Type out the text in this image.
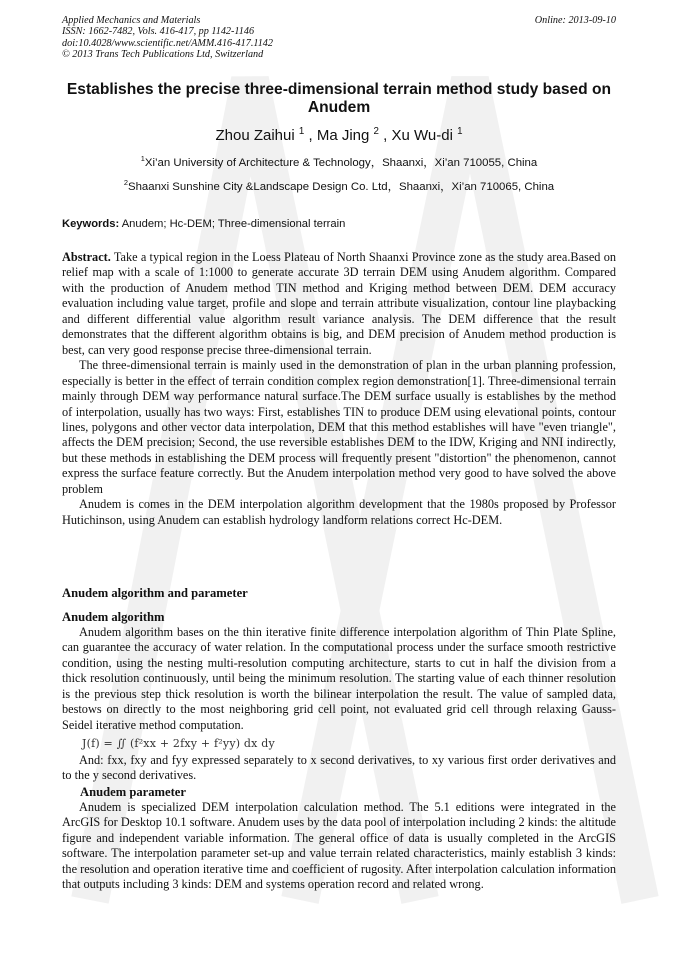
Applied Mechanics and Materials
ISSN: 1662-7482, Vols. 416-417, pp 1142-1146
doi:10.4028/www.scientific.net/AMM.416-417.1142
© 2013 Trans Tech Publications Ltd, Switzerland
Online: 2013-09-10
Establishes the precise three-dimensional terrain method study based on Anudem
Zhou Zaihui $^1$ , Ma Jing $^2$ , Xu Wu-di $^1$
$^1$Xi’an University of Architecture & Technology，Shaanxi，Xi’an 710055, China
$^2$Shaanxi Sunshine City &Landscape Design Co. Ltd，Shaanxi，Xi’an 710065, China
Keywords: Anudem; Hc-DEM; Three-dimensional terrain

Abstract. Take a typical region in the Loess Plateau of North Shaanxi Province zone as the study area.Based on relief map with a scale of 1:1000 to generate accurate 3D terrain DEM using Anudem algorithm. Compared with the production of Anudem method TIN method and Kriging method between DEM. DEM accuracy evaluation including value target, profile and slope and terrain attribute visualization, contour line playbacking and different differential value algorithm result variance analysis. The DEM difference that the result demonstrates that the different algorithm obtains is big, and DEM precision of Anudem method production is best, can very good response precise three-dimensional terrain.

The three-dimensional terrain is mainly used in the demonstration of plan in the urban planning profession, especially is better in the effect of terrain condition complex region demonstration[1]. Three-dimensional terrain mainly through DEM way performance natural surface.The DEM surface usually is establishes by the method of interpolation, usually has two ways: First, establishes TIN to produce DEM using elevational points, contour lines, polygons and other vector data interpolation, DEM that this method establishes will have "even triangle", affects the DEM precision; Second, the use reversible establishes DEM to the IDW, Kriging and NNI indirectly, but these methods in establishing the DEM process will frequently present "distortion" the phenomenon, cannot express the surface feature correctly. But the Anudem interpolation method very good to have solved the above problem

Anudem is comes in the DEM interpolation algorithm development that the 1980s proposed by Professor Hutichinson, using Anudem can establish hydrology landform relations correct Hc-DEM.

Anudem algorithm and parameter
Anudem algorithm

Anudem algorithm bases on the thin iterative finite difference interpolation algorithm of Thin Plate Spline, can guarantee the accuracy of water relation. In the computational process under the surface smooth restrictive condition, using the nesting multi-resolution computing architecture, starts to cut in half the division from a thick resolution continuously, until being the minimum resolution. The starting value of each thinner resolution is the previous step thick resolution is worth the bilinear interpolation the result. The value of sampled data, bestows on directly to the most neighboring grid cell point, not evaluated grid cell through relaxing Gauss-Seidel iterative method computation.

J(f) = ∬ (f²xx + 2fxy + f²yy) dx dy

And: fxx, fxy and fyy expressed separately to x second derivatives, to xy various first order derivatives and to the y second derivatives.

Anudem parameter

Anudem is specialized DEM interpolation calculation method. The 5.1 editions were integrated in the ArcGIS for Desktop 10.1 software. Anudem uses by the data pool of interpolation including 2 kinds: the altitude figure and independent variable information. The general office of data is usually completed in the ArcGIS software. The interpolation parameter set-up and value terrain related characteristics, mainly establish 3 kinds: the resolution and operation iterative time and coefficient of rugosity. After interpolation calculation information that outputs including 3 kinds: DEM and systems operation record and related wrong.
